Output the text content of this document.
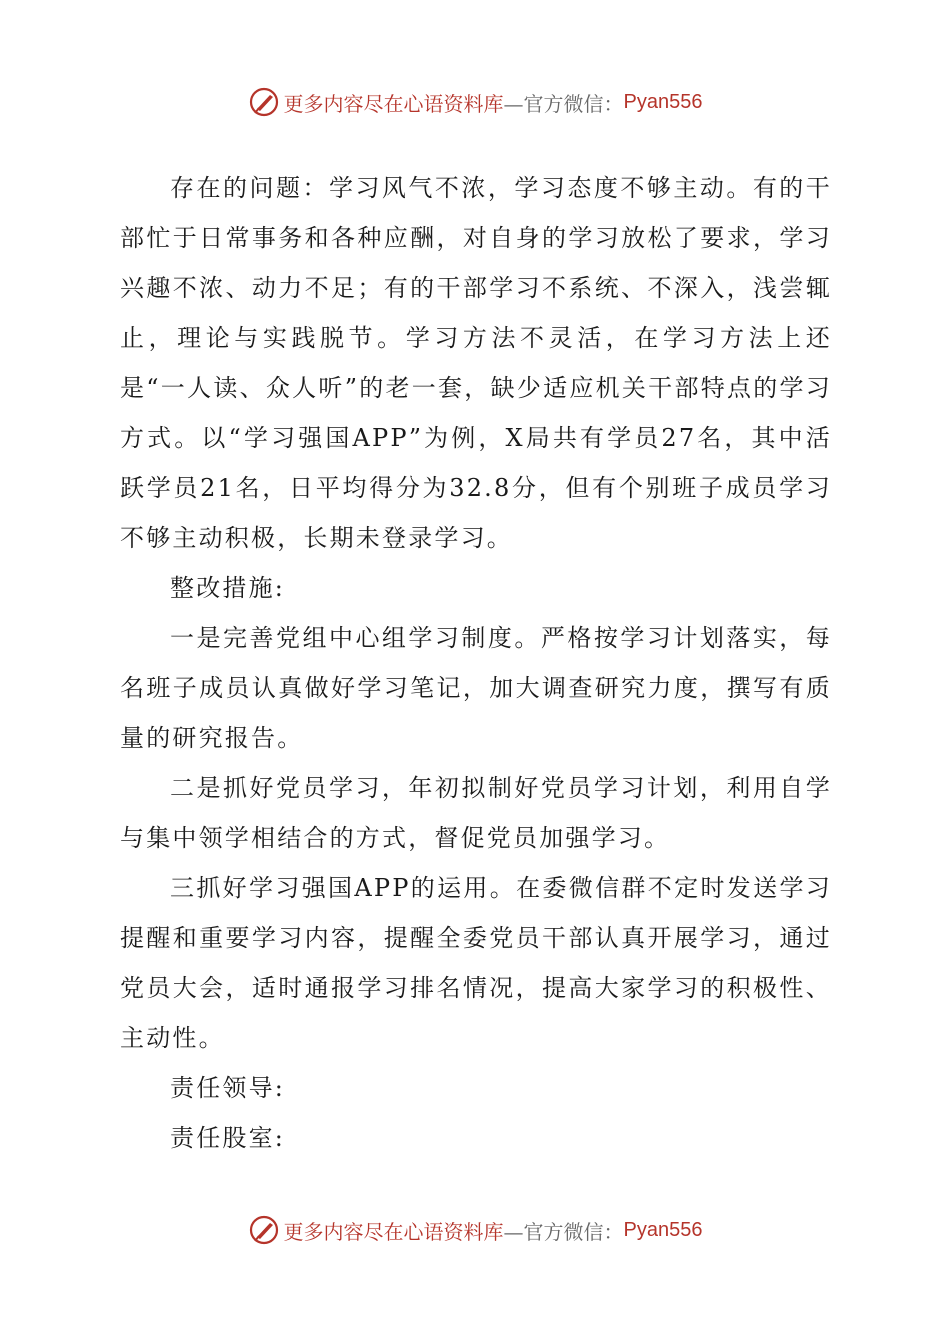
更多内容尽在心语资料库 —官方微信： Pyan556

存在的问题：学习风气不浓，学习态度不够主动。有的干部忙于日常事务和各种应酬，对自身的学习放松了要求，学习兴趣不浓、动力不足；有的干部学习不系统、不深入，浅尝辄止，理论与实践脱节。学习方法不灵活，在学习方法上还是“一人读、众人听”的老一套，缺少适应机关干部特点的学习方式。以“学习强国APP”为例，X局共有学员27名，其中活跃学员21名，日平均得分为32.8分，但有个别班子成员学习不够主动积极，长期未登录学习。

整改措施:

一是完善党组中心组学习制度。严格按学习计划落实，每名班子成员认真做好学习笔记，加大调查研究力度，撰写有质量的研究报告。

二是抓好党员学习，年初拟制好党员学习计划，利用自学与集中领学相结合的方式，督促党员加强学习。

三抓好学习强国APP的运用。在委微信群不定时发送学习提醒和重要学习内容，提醒全委党员干部认真开展学习，通过党员大会，适时通报学习排名情况，提高大家学习的积极性、主动性。

责任领导:

责任股室:

更多内容尽在心语资料库 —官方微信： Pyan556
